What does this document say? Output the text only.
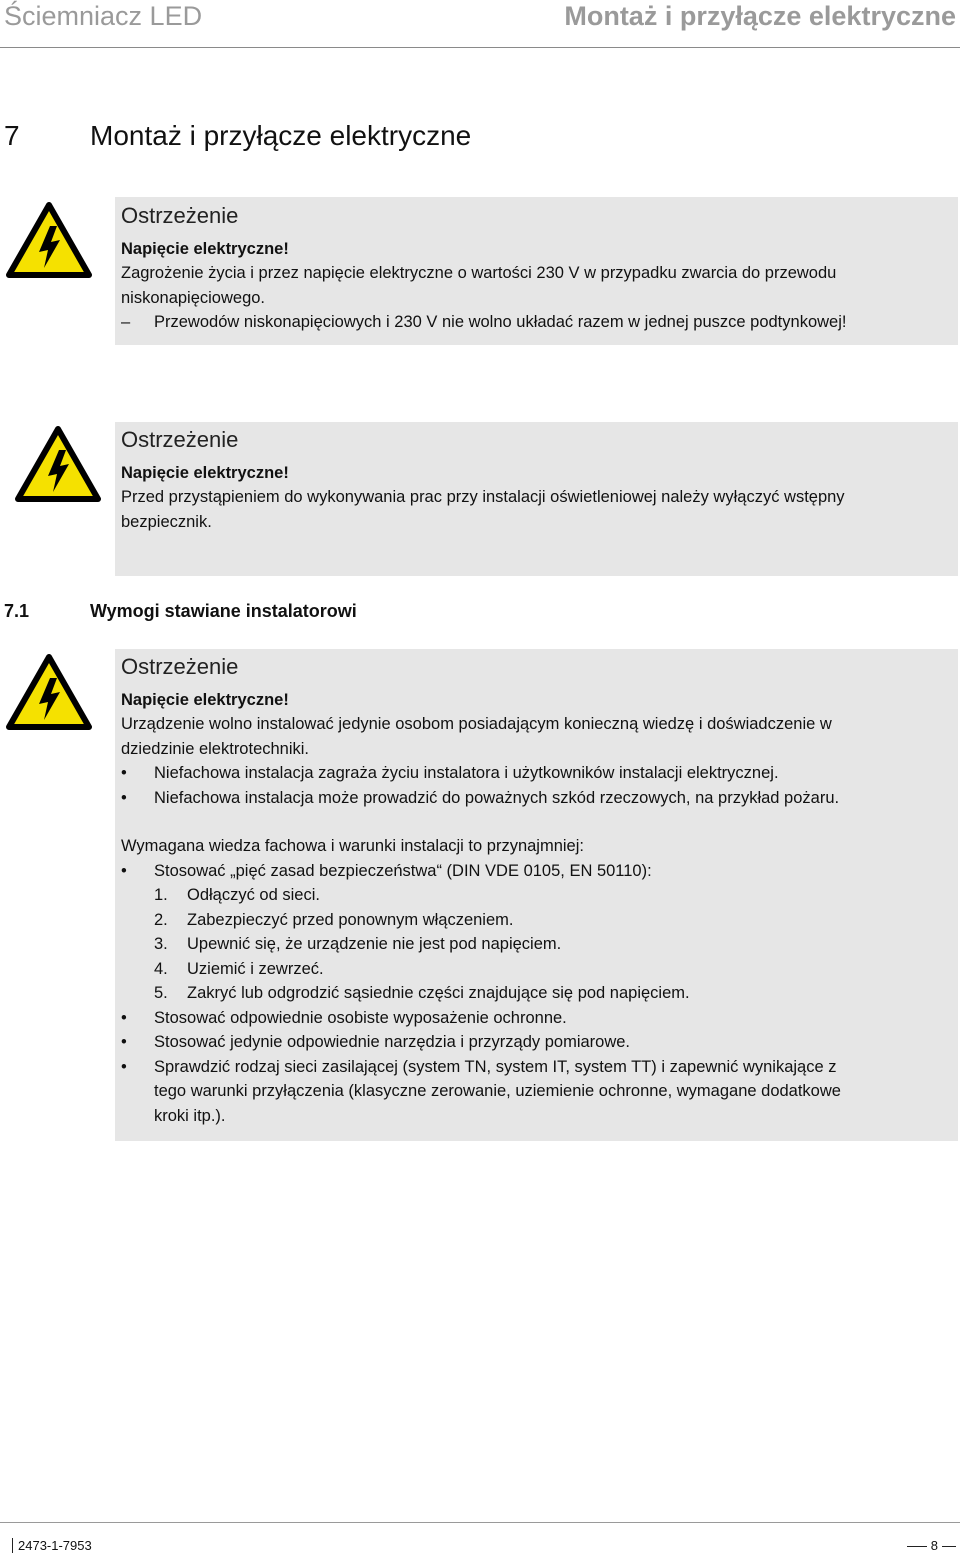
Ściemniacz LED	Montaż i przyłącze elektryczne
7	Montaż i przyłącze elektryczne
Ostrzeżenie
Napięcie elektryczne!
Zagrożenie życia i przez napięcie elektryczne o wartości 230 V w przypadku zwarcia do przewodu
niskonapięciowego.
– Przewodów niskonapięciowych i 230 V nie wolno układać razem w jednej puszce podtynkowej!
Ostrzeżenie
Napięcie elektryczne!
Przed przystąpieniem do wykonywania prac przy instalacji oświetleniowej należy wyłączyć wstępny
bezpiecznik.
7.1	Wymogi stawiane instalatorowi
Ostrzeżenie
Napięcie elektryczne!
Urządzenie wolno instalować jedynie osobom posiadającym konieczną wiedzę i doświadczenie w
dziedzinie elektrotechniki.
• Niefachowa instalacja zagraża życiu instalatora i użytkowników instalacji elektrycznej.
• Niefachowa instalacja może prowadzić do poważnych szkód rzeczowych, na przykład pożaru.
Wymagana wiedza fachowa i warunki instalacji to przynajmniej:
• Stosować „pięć zasad bezpieczeństwa“ (DIN VDE 0105, EN 50110):
1. Odłączyć od sieci.
2. Zabezpieczyć przed ponownym włączeniem.
3. Upewnić się, że urządzenie nie jest pod napięciem.
4. Uziemić i zewrzeć.
5. Zakryć lub odgrodzić sąsiednie części znajdujące się pod napięciem.
• Stosować odpowiednie osobiste wyposażenie ochronne.
• Stosować jedynie odpowiednie narzędzia i przyrządy pomiarowe.
• Sprawdzić rodzaj sieci zasilającej (system TN, system IT, system TT) i zapewnić wynikające z
tego warunki przyłączenia (klasyczne zerowanie, uziemienie ochronne, wymagane dodatkowe
kroki itp.).
2473-1-7953	8
